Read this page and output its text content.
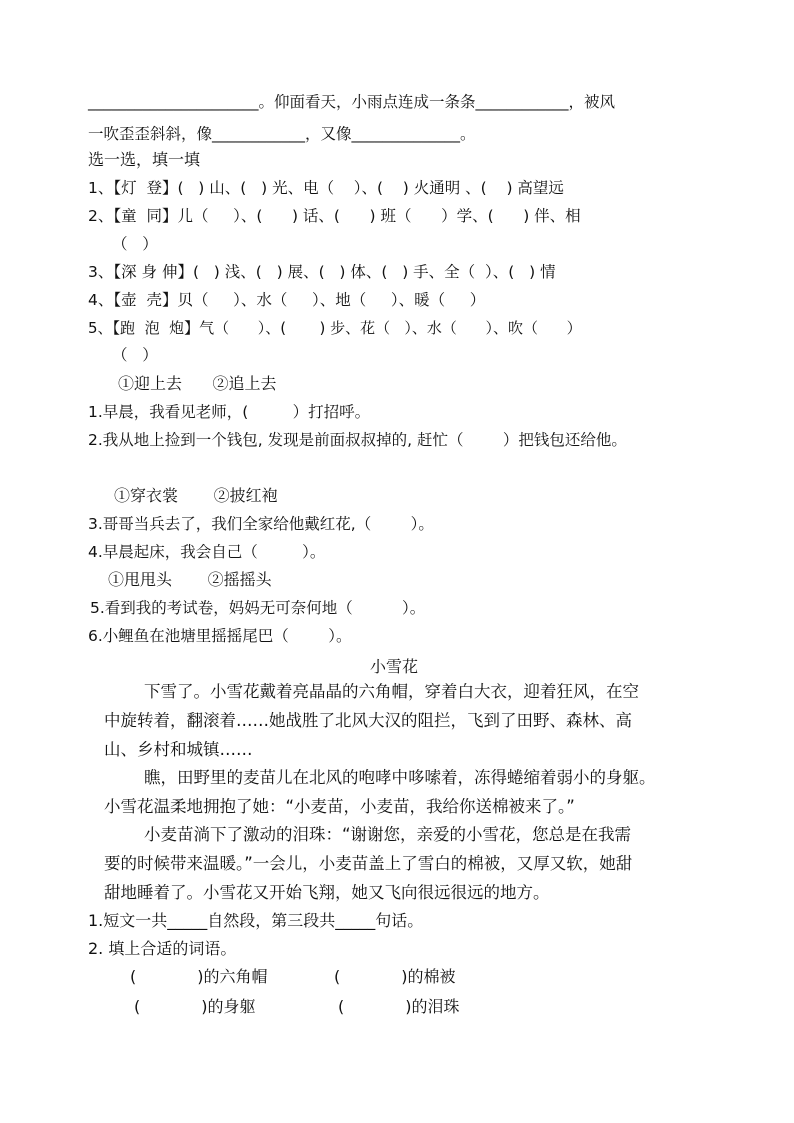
______________________。仰面看天，小雨点连成一条条____________，被风
一吹歪歪斜斜，像____________，又像______________。
选一选，填一填
1、【灯  登】(   ) 山、(   ) 光、电（    ）、(    ) 火通明 、(    ) 高望远
2、【童  同】儿（     ）、(      ) 话、(      ) 班（      ）学、(      ) 伴、相
（   ）
3、【深 身 伸】(   ) 浅、(   ) 展、(   ) 体、(   ) 手、全（  ）、(   ) 情
4、【壶  壳】贝（     ）、水（     ）、地（     ）、暖（     ）
5、【跑  泡  炮】气（      ）、(       ) 步、花（   ）、水（      ）、吹（      ）
（   ）
①迎上去      ②追上去
1.早晨，我看见老师，(         ）打招呼。
2.我从地上捡到一个钱包, 发现是前面叔叔掉的, 赶忙（        ）把钱包还给他。
①穿衣裳       ②披红袍
3.哥哥当兵去了，我们全家给他戴红花,（        ）。
4.早晨起床，我会自己（         ）。
①甩甩头       ②摇摇头
5.看到我的考试卷，妈妈无可奈何地（          ）。
6.小鲤鱼在池塘里摇摇尾巴（        ）。
小雪花
下雪了。小雪花戴着亮晶晶的六角帽，穿着白大衣，迎着狂风，在空
中旋转着，翻滚着……她战胜了北风大汉的阻拦，飞到了田野、森林、高
山、乡村和城镇……
瞧，田野里的麦苗儿在北风的咆哮中哆嗦着，冻得蜷缩着弱小的身躯。
小雪花温柔地拥抱了她：“小麦苗，小麦苗，我给你送棉被来了。”
小麦苗淌下了激动的泪珠：“谢谢您，亲爱的小雪花，您总是在我需
要的时候带来温暖。”一会儿，小麦苗盖上了雪白的棉被，又厚又软，她甜
甜地睡着了。小雪花又开始飞翔，她又飞向很远很远的地方。
1.短文一共_____自然段，第三段共_____句话。
2. 填上合适的词语。
(            )的六角帽	(            )的棉被
(            )的身躯	(            )的泪珠
